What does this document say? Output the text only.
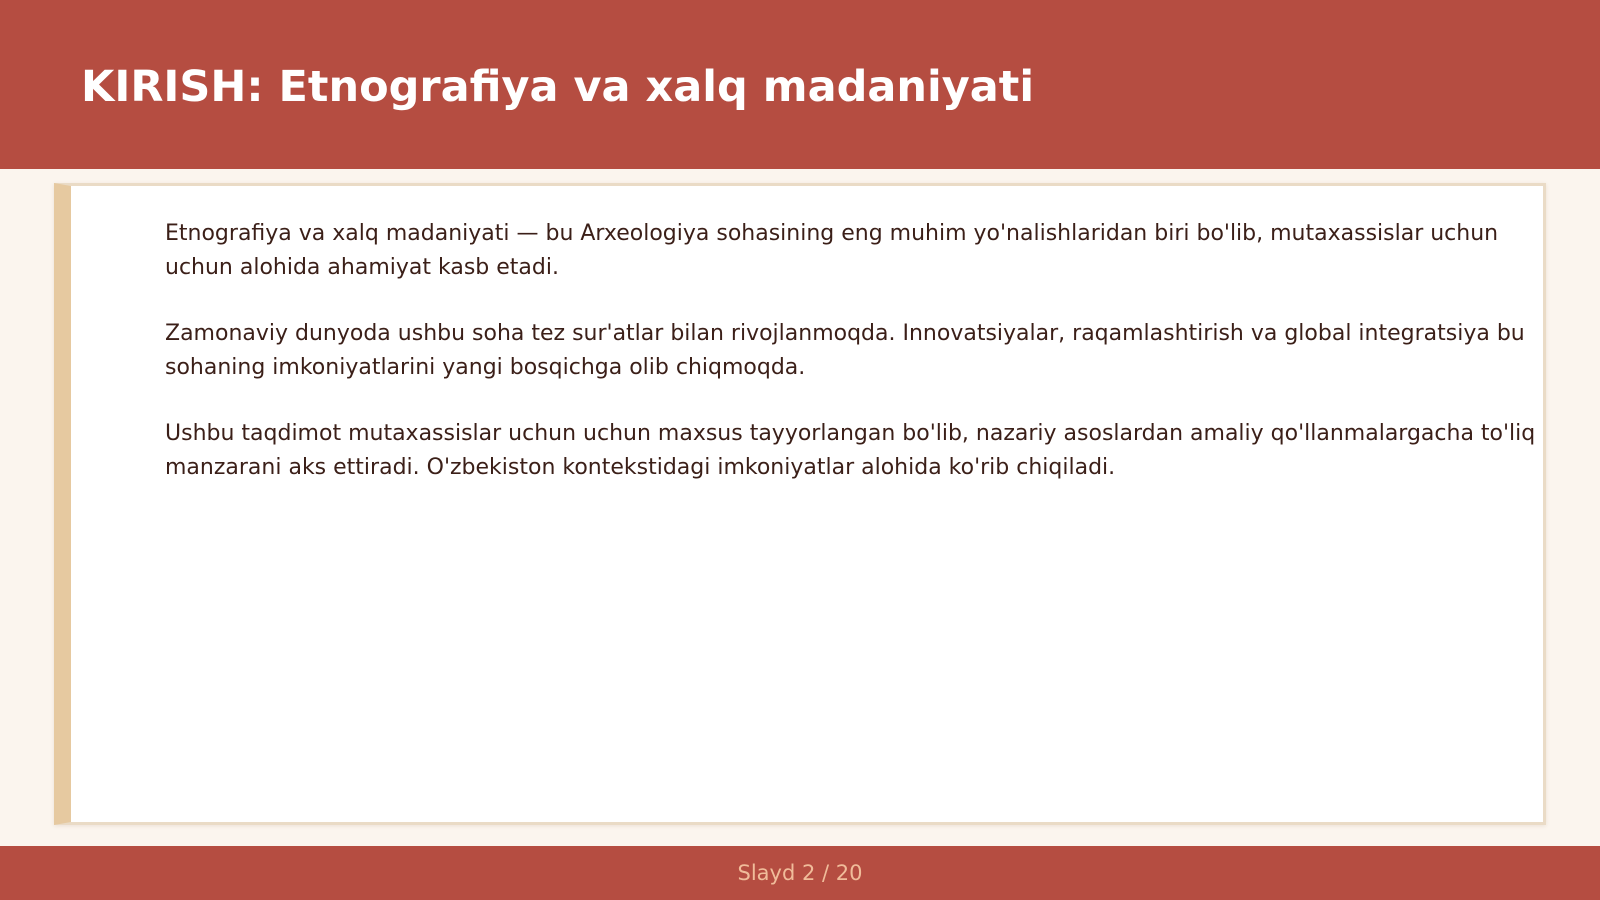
KIRISH: Etnografiya va xalq madaniyati

Etnografiya va xalq madaniyati — bu Arxeologiya sohasining eng muhim yo'nalishlaridan biri bo'lib, mutaxassislar uchun uchun alohida ahamiyat kasb etadi.

Zamonaviy dunyoda ushbu soha tez sur'atlar bilan rivojlanmoqda. Innovatsiyalar, raqamlashtirish va global integratsiya bu sohaning imkoniyatlarini yangi bosqichga olib chiqmoqda.

Ushbu taqdimot mutaxassislar uchun uchun maxsus tayyorlangan bo'lib, nazariy asoslardan amaliy qo'llanmalargacha to'liq manzarani aks ettiradi. O'zbekiston kontekstidagi imkoniyatlar alohida ko'rib chiqiladi.

Slayd 2 / 20
